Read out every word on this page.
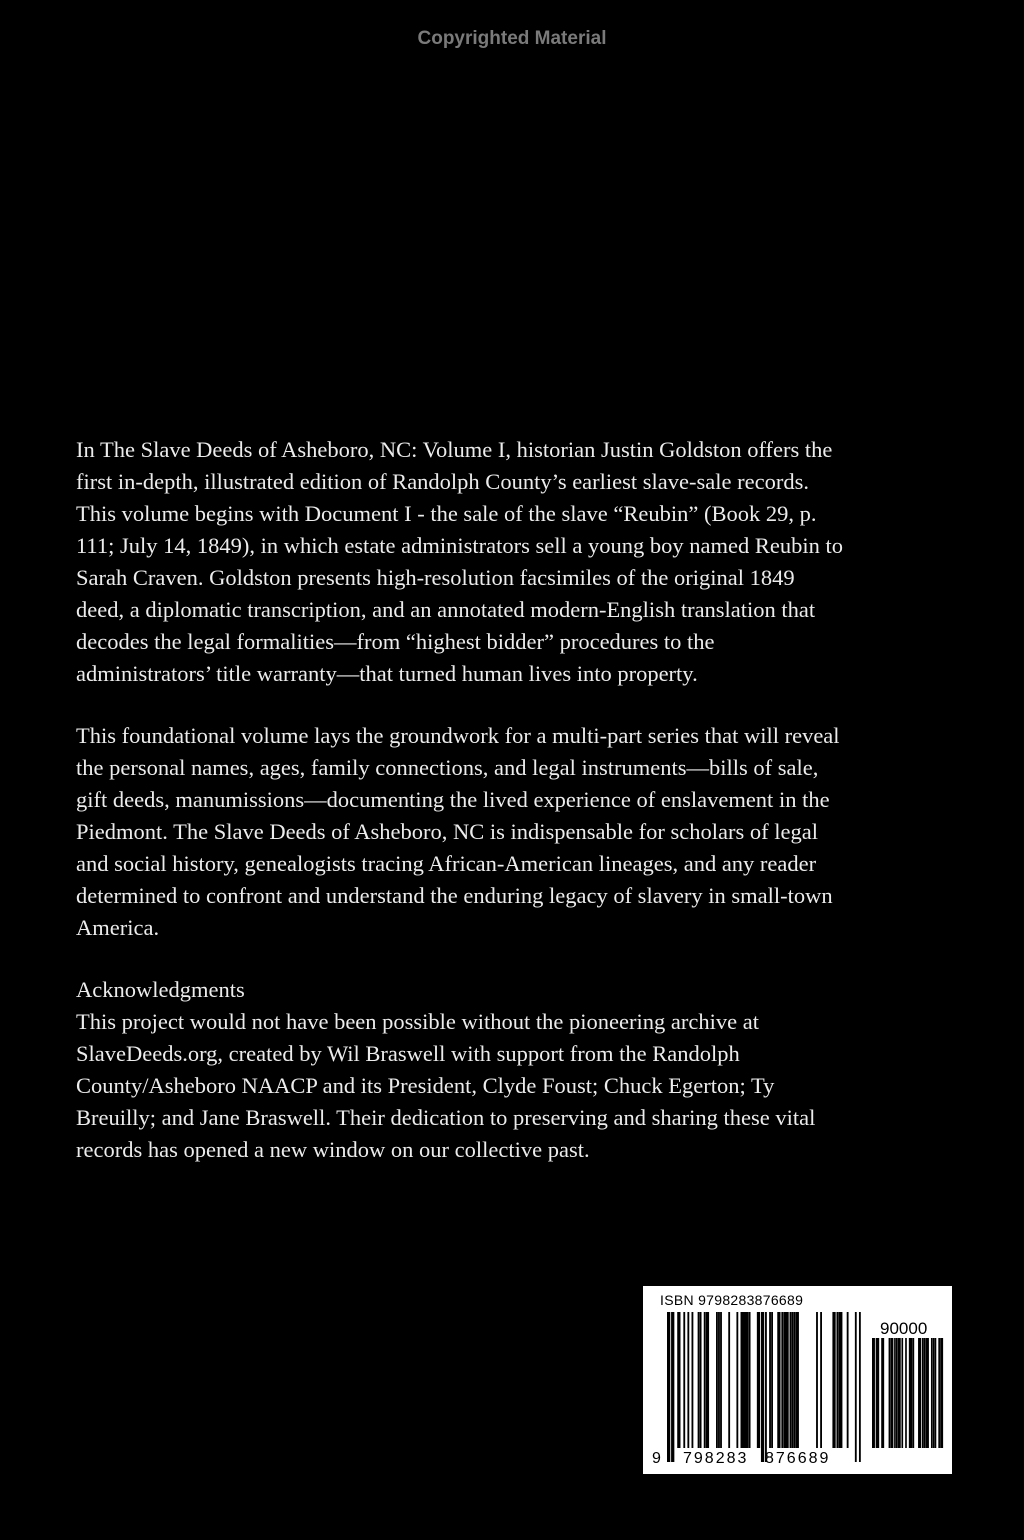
Copyrighted Material

In The Slave Deeds of Asheboro, NC: Volume I, historian Justin Goldston offers the
first in-depth, illustrated edition of Randolph County’s earliest slave-sale records.
This volume begins with Document I - the sale of the slave “Reubin” (Book 29, p.
111; July 14, 1849), in which estate administrators sell a young boy named Reubin to
Sarah Craven. Goldston presents high-resolution facsimiles of the original 1849
deed, a diplomatic transcription, and an annotated modern-English translation that
decodes the legal formalities—from “highest bidder” procedures to the
administrators’ title warranty—that turned human lives into property.

This foundational volume lays the groundwork for a multi-part series that will reveal
the personal names, ages, family connections, and legal instruments—bills of sale,
gift deeds, manumissions—documenting the lived experience of enslavement in the
Piedmont. The Slave Deeds of Asheboro, NC is indispensable for scholars of legal
and social history, genealogists tracing African-American lineages, and any reader
determined to confront and understand the enduring legacy of slavery in small-town
America.

Acknowledgments

This project would not have been possible without the pioneering archive at
SlaveDeeds.org, created by Wil Braswell with support from the Randolph
County/Asheboro NAACP and its President, Clyde Foust; Chuck Egerton; Ty
Breuilly; and Jane Braswell. Their dedication to preserving and sharing these vital
records has opened a new window on our collective past.

ISBN 9798283876689
90000
9 798283 876689
